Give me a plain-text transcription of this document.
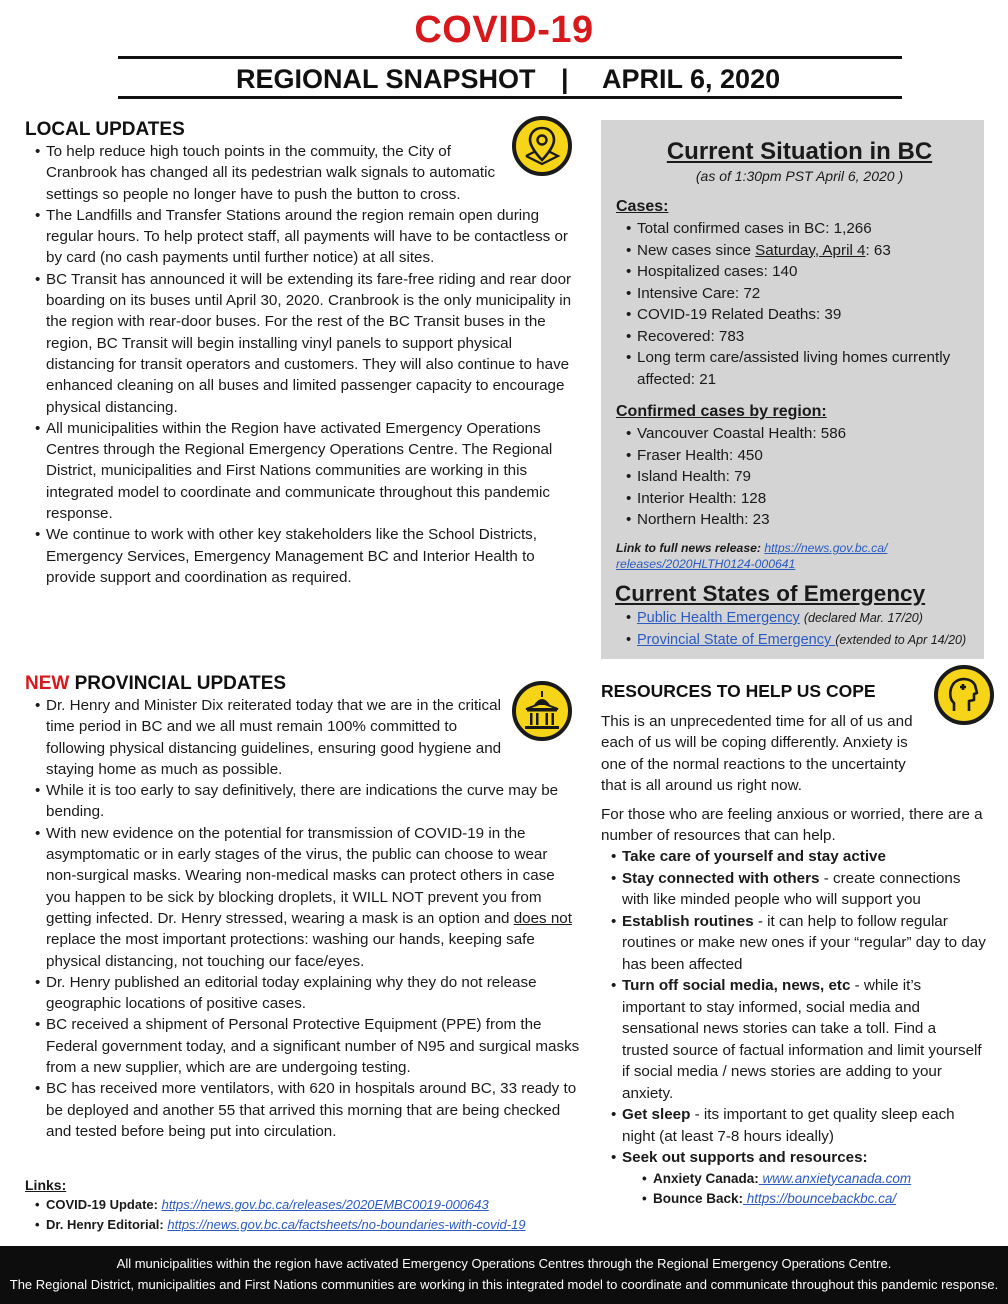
COVID-19
REGIONAL SNAPSHOT | APRIL 6, 2020
LOCAL UPDATES
• To help reduce high touch points in the commuity, the City of Cranbrook has changed all its pedestrian walk signals to automatic settings so people no longer have to push the button to cross.
• The Landfills and Transfer Stations around the region remain open during regular hours. To help protect staff, all payments will have to be contactless or by card (no cash payments until further notice) at all sites.
• BC Transit has announced it will be extending its fare-free riding and rear door boarding on its buses until April 30, 2020. Cranbrook is the only municipality in the region with rear-door buses. For the rest of the BC Transit buses in the region, BC Transit will begin installing vinyl panels to support physical distancing for transit operators and customers. They will also continue to have enhanced cleaning on all buses and limited passenger capacity to encourage physical distancing.
• All municipalities within the Region have activated Emergency Operations Centres through the Regional Emergency Operations Centre. The Regional District, municipalities and First Nations communities are working in this integrated model to coordinate and communicate throughout this pandemic response.
• We continue to work with other key stakeholders like the School Districts, Emergency Services, Emergency Management BC and Interior Health to provide support and coordination as required.
NEW PROVINCIAL UPDATES
• Dr. Henry and Minister Dix reiterated today that we are in the critical time period in BC and we all must remain 100% committed to following physical distancing guidelines, ensuring good hygiene and staying home as much as possible.
• While it is too early to say definitively, there are indications the curve may be bending.
• With new evidence on the potential for transmission of COVID-19 in the asymptomatic or in early stages of the virus, the public can choose to wear non-surgical masks. Wearing non-medical masks can protect others in case you happen to be sick by blocking droplets, it WILL NOT prevent you from getting infected. Dr. Henry stressed, wearing a mask is an option and does not replace the most important protections: washing our hands, keeping safe physical distancing, not touching our face/eyes.
• Dr. Henry published an editorial today explaining why they do not release geographic locations of positive cases.
• BC received a shipment of Personal Protective Equipment (PPE) from the Federal government today, and a significant number of N95 and surgical masks from a new supplier, which are are undergoing testing.
• BC has received more ventilators, with 620 in hospitals around BC, 33 ready to be deployed and another 55 that arrived this morning that are being checked and tested before being put into circulation.
Links:
• COVID-19 Update: https://news.gov.bc.ca/releases/2020EMBC0019-000643
• Dr. Henry Editorial: https://news.gov.bc.ca/factsheets/no-boundaries-with-covid-19
Current Situation in BC
(as of 1:30pm PST April 6, 2020 )
Cases:
• Total confirmed cases in BC: 1,266
• New cases since Saturday, April 4: 63
• Hospitalized cases: 140
• Intensive Care: 72
• COVID-19 Related Deaths: 39
• Recovered: 783
• Long term care/assisted living homes currently affected: 21
Confirmed cases by region:
• Vancouver Coastal Health: 586
• Fraser Health: 450
• Island Health: 79
• Interior Health: 128
• Northern Health: 23
Link to full news release: https://news.gov.bc.ca/
releases/2020HLTH0124-000641
Current States of Emergency
• Public Health Emergency (declared Mar. 17/20)
• Provincial State of Emergency (extended to Apr 14/20)
RESOURCES TO HELP US COPE
This is an unprecedented time for all of us and each of us will be coping differently. Anxiety is one of the normal reactions to the uncertainty that is all around us right now.
For those who are feeling anxious or worried, there are a number of resources that can help.
• Take care of yourself and stay active
• Stay connected with others - create connections with like minded people who will support you
• Establish routines - it can help to follow regular routines or make new ones if your “regular” day to day has been affected
• Turn off social media, news, etc - while it’s important to stay informed, social media and sensational news stories can take a toll. Find a trusted source of factual information and limit yourself if social media / news stories are adding to your anxiety.
• Get sleep - its important to get quality sleep each night (at least 7-8 hours ideally)
• Seek out supports and resources:
• Anxiety Canada: www.anxietycanada.com
• Bounce Back: https://bouncebackbc.ca/
All municipalities within the region have activated Emergency Operations Centres through the Regional Emergency Operations Centre.
The Regional District, municipalities and First Nations communities are working in this integrated model to coordinate and communicate throughout this pandemic response.
